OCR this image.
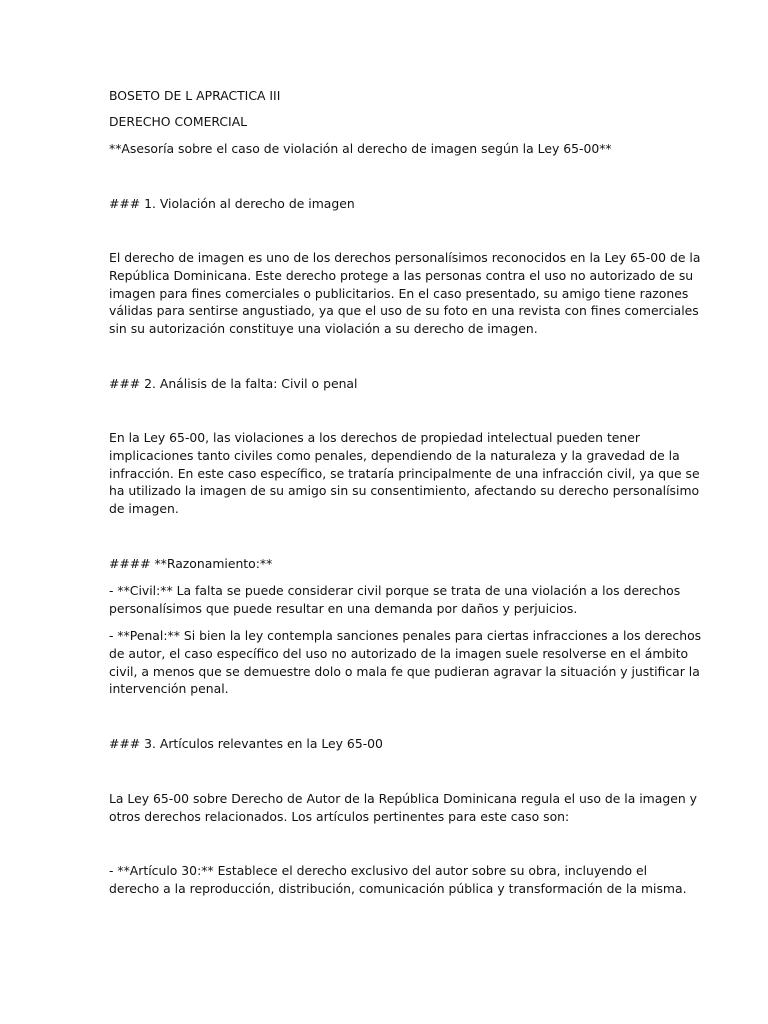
BOSETO DE L APRACTICA III
DERECHO COMERCIAL
**Asesoría sobre el caso de violación al derecho de imagen según la Ley 65-00**
### 1. Violación al derecho de imagen
El derecho de imagen es uno de los derechos personalísimos reconocidos en la Ley 65-00 de la
República Dominicana. Este derecho protege a las personas contra el uso no autorizado de su
imagen para fines comerciales o publicitarios. En el caso presentado, su amigo tiene razones
válidas para sentirse angustiado, ya que el uso de su foto en una revista con fines comerciales
sin su autorización constituye una violación a su derecho de imagen.
### 2. Análisis de la falta: Civil o penal
En la Ley 65-00, las violaciones a los derechos de propiedad intelectual pueden tener
implicaciones tanto civiles como penales, dependiendo de la naturaleza y la gravedad de la
infracción. En este caso específico, se trataría principalmente de una infracción civil, ya que se
ha utilizado la imagen de su amigo sin su consentimiento, afectando su derecho personalísimo
de imagen.
#### **Razonamiento:**
- **Civil:** La falta se puede considerar civil porque se trata de una violación a los derechos
personalísimos que puede resultar en una demanda por daños y perjuicios.
- **Penal:** Si bien la ley contempla sanciones penales para ciertas infracciones a los derechos
de autor, el caso específico del uso no autorizado de la imagen suele resolverse en el ámbito
civil, a menos que se demuestre dolo o mala fe que pudieran agravar la situación y justificar la
intervención penal.
### 3. Artículos relevantes en la Ley 65-00
La Ley 65-00 sobre Derecho de Autor de la República Dominicana regula el uso de la imagen y
otros derechos relacionados. Los artículos pertinentes para este caso son:
- **Artículo 30:** Establece el derecho exclusivo del autor sobre su obra, incluyendo el
derecho a la reproducción, distribución, comunicación pública y transformación de la misma.
